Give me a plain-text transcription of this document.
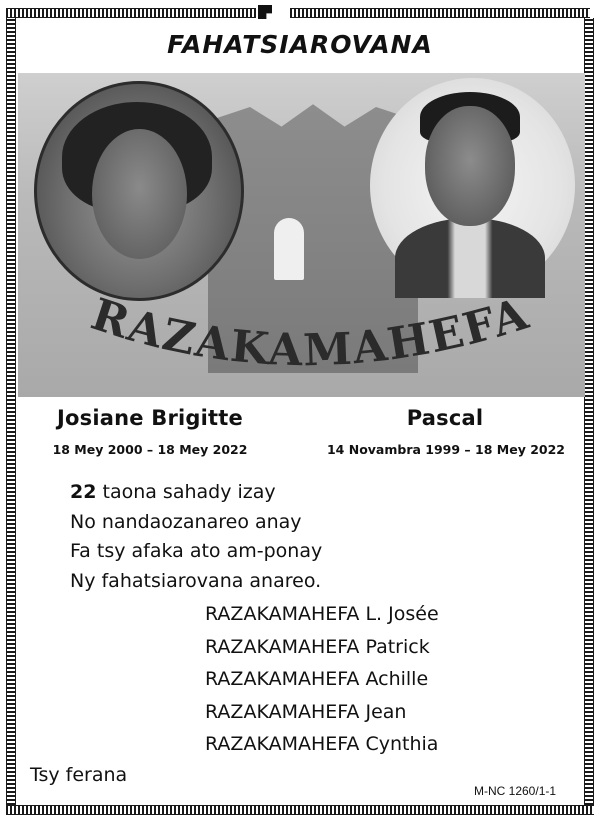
FAHATSIAROVANA
RAZAKAMAHEFA
Josiane Brigitte
18 Mey 2000 – 18 Mey 2022
Pascal
14 Novambra 1999 – 18 Mey 2022
22 taona sahady izay
No nandaozanareo anay
Fa tsy afaka ato am-ponay
Ny fahatsiarovana anareo.
RAZAKAMAHEFA L. Josée
RAZAKAMAHEFA Patrick
RAZAKAMAHEFA Achille
RAZAKAMAHEFA Jean
RAZAKAMAHEFA Cynthia
Tsy ferana
M-NC 1260/1-1
